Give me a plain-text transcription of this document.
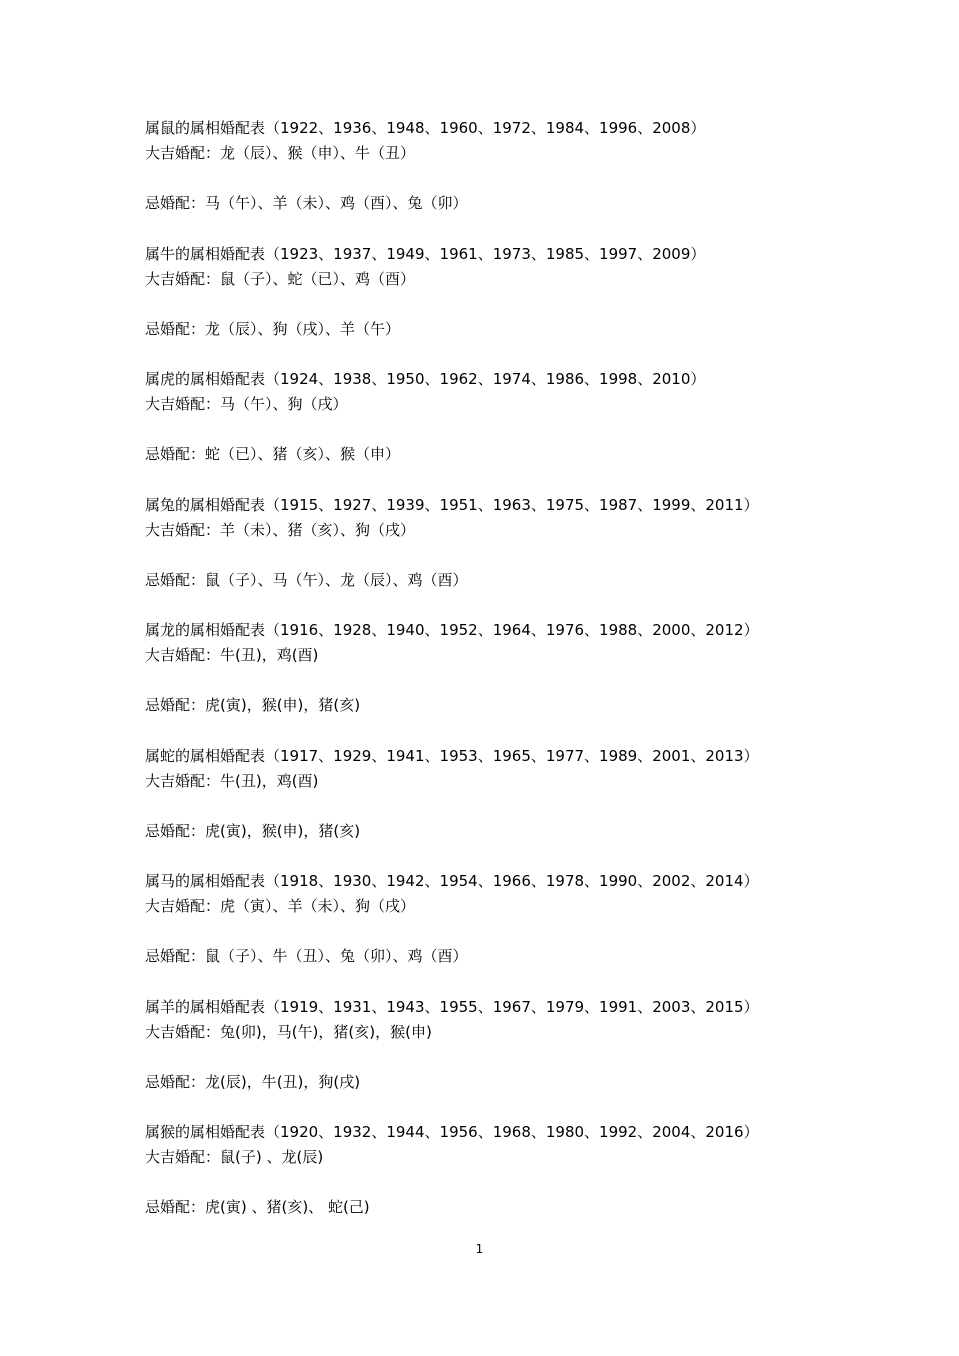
属鼠的属相婚配表（1922、1936、1948、1960、1972、1984、1996、2008）
大吉婚配：龙（辰）、猴（申）、牛（丑）
忌婚配：马（午）、羊（未）、鸡（酉）、兔（卯）
属牛的属相婚配表（1923、1937、1949、1961、1973、1985、1997、2009）
大吉婚配：鼠（子）、蛇（已）、鸡（酉）
忌婚配：龙（辰）、狗（戌）、羊（午）
属虎的属相婚配表（1924、1938、1950、1962、1974、1986、1998、2010）
大吉婚配：马（午）、狗（戌）
忌婚配：蛇（已）、猪（亥）、猴（申）
属兔的属相婚配表（1915、1927、1939、1951、1963、1975、1987、1999、2011）
大吉婚配：羊（未）、猪（亥）、狗（戌）
忌婚配：鼠（子）、马（午）、龙（辰）、鸡（酉）
属龙的属相婚配表（1916、1928、1940、1952、1964、1976、1988、2000、2012）
大吉婚配：牛(丑)，鸡(酉)
忌婚配：虎(寅)，猴(申)，猪(亥)
属蛇的属相婚配表（1917、1929、1941、1953、1965、1977、1989、2001、2013）
大吉婚配：牛(丑)，鸡(酉)
忌婚配：虎(寅)，猴(申)，猪(亥)
属马的属相婚配表（1918、1930、1942、1954、1966、1978、1990、2002、2014）
大吉婚配：虎（寅）、羊（未）、狗（戌）
忌婚配：鼠（子）、牛（丑）、兔（卯）、鸡（酉）
属羊的属相婚配表（1919、1931、1943、1955、1967、1979、1991、2003、2015）
大吉婚配：兔(卯)，马(午)，猪(亥)，猴(申)
忌婚配：龙(辰)，牛(丑)，狗(戌)
属猴的属相婚配表（1920、1932、1944、1956、1968、1980、1992、2004、2016）
大吉婚配：鼠(子) 、龙(辰)
忌婚配：虎(寅) 、猪(亥)、 蛇(己)
1
